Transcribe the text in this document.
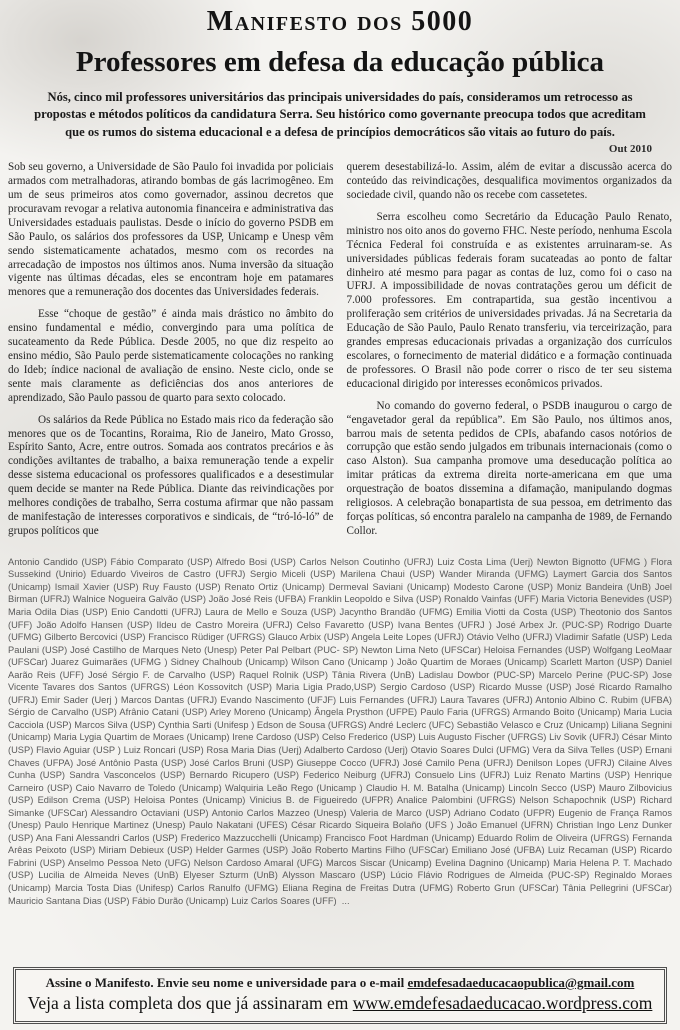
Manifesto dos 5000
Professores em defesa da educação pública
Nós, cinco mil professores universitários das principais universidades do país, consideramos um retrocesso as propostas e métodos políticos da candidatura Serra. Seu histórico como governante preocupa todos que acreditam que os rumos do sistema educacional e a defesa de princípios democráticos são vitais ao futuro do país.
Out 2010

Sob seu governo, a Universidade de São Paulo foi invadida por policiais armados com metralhadoras, atirando bombas de gás lacrimogêneo. Em um de seus primeiros atos como governador, assinou decretos que procuravam revogar a relativa autonomia financeira e administrativa das Universidades estaduais paulistas. Desde o início do governo PSDB em São Paulo, os salários dos professores da USP, Unicamp e Unesp vêm sendo sistematicamente achatados, mesmo com os recordes na arrecadação de impostos nos últimos anos. Numa inversão da situação vigente nas últimas décadas, eles se encontram hoje em patamares menores que a remuneração dos docentes das Universidades federais.

Esse “choque de gestão” é ainda mais drástico no âmbito do ensino fundamental e médio, convergindo para uma política de sucateamento da Rede Pública. Desde 2005, no que diz respeito ao ensino médio, São Paulo perde sistematicamente colocações no ranking do Ideb; índice nacional de avaliação de ensino. Neste ciclo, onde se sente mais claramente as deficiências dos anos anteriores de aprendizado, São Paulo passou de quarto para sexto colocado.

Os salários da Rede Pública no Estado mais rico da federação são menores que os de Tocantins, Roraima, Rio de Janeiro, Mato Grosso, Espírito Santo, Acre, entre outros. Somada aos contratos precários e às condições aviltantes de trabalho, a baixa remuneração tende a expelir desse sistema educacional os professores qualificados e a desestimular quem decide se manter na Rede Pública. Diante das reivindicações por melhores condições de trabalho, Serra costuma afirmar que não passam de manifestação de interesses corporativos e sindicais, de “tró-ló-ló” de grupos políticos que

querem desestabilizá-lo. Assim, além de evitar a discussão acerca do conteúdo das reivindicações, desqualifica movimentos organizados da sociedade civil, quando não os recebe com cassetetes.

Serra escolheu como Secretário da Educação Paulo Renato, ministro nos oito anos do governo FHC. Neste período, nenhuma Escola Técnica Federal foi construída e as existentes arruinaram-se. As universidades públicas federais foram sucateadas ao ponto de faltar dinheiro até mesmo para pagar as contas de luz, como foi o caso na UFRJ. A impossibilidade de novas contratações gerou um déficit de 7.000 professores. Em contrapartida, sua gestão incentivou a proliferação sem critérios de universidades privadas. Já na Secretaria da Educação de São Paulo, Paulo Renato transferiu, via terceirização, para grandes empresas educacionais privadas a organização dos currículos escolares, o fornecimento de material didático e a formação continuada de professores. O Brasil não pode correr o risco de ter seu sistema educacional dirigido por interesses econômicos privados.

No comando do governo federal, o PSDB inaugurou o cargo de “engavetador geral da república”. Em São Paulo, nos últimos anos, barrou mais de setenta pedidos de CPIs, abafando casos notórios de corrupção que estão sendo julgados em tribunais internacionais (como o caso Alston). Sua campanha promove uma deseducação política ao imitar práticas da extrema direita norte-americana em que uma orquestração de boatos dissemina a difamação, manipulando dogmas religiosos. A celebração bonapartista de sua pessoa, em detrimento das forças políticas, só encontra paralelo na campanha de 1989, de Fernando Collor.

Antonio Candido (USP) Fábio Comparato (USP) Alfredo Bosi (USP) Carlos Nelson Coutinho (UFRJ) Luiz Costa Lima (Uerj) Newton Bignotto (UFMG ) Flora Sussekind (Unirio) Eduardo Viveiros de Castro (UFRJ) Sergio Miceli (USP) Marilena Chaui (USP) Wander Miranda (UFMG) Laymert Garcia dos Santos (Unicamp) Ismail Xavier (USP) Ruy Fausto (USP) Renato Ortiz (Unicamp) Dermeval Saviani (Unicamp) Modesto Carone (USP) Moniz Bandeira (UnB) Joel Birman (UFRJ) Walnice Nogueira Galvão (USP) João José Reis (UFBA) Franklin Leopoldo e Silva (USP) Ronaldo Vainfas (UFF) Maria Victoria Benevides (USP) Maria Odila Dias (USP) Enio Candotti (UFRJ) Laura de Mello e Souza (USP) Jacyntho Brandão (UFMG) Emilia Viotti da Costa (USP) Theotonio dos Santos (UFF) João Adolfo Hansen (USP) Ildeu de Castro Moreira (UFRJ) Celso Favaretto (USP) Ivana Bentes (UFRJ ) José Arbex Jr. (PUC-SP) Rodrigo Duarte (UFMG) Gilberto Bercovici (USP) Francisco Rüdiger (UFRGS) Glauco Arbix (USP) Angela Leite Lopes (UFRJ) Otávio Velho (UFRJ) Vladimir Safatle (USP) Leda Paulani (USP) José Castilho de Marques Neto (Unesp) Peter Pal Pelbart (PUC- SP) Newton Lima Neto (UFSCar) Heloisa Fernandes (USP) Wolfgang LeoMaar (UFSCar) Juarez Guimarães (UFMG ) Sidney Chalhoub (Unicamp) Wilson Cano (Unicamp ) João Quartim de Moraes (Unicamp) Scarlett Marton (USP) Daniel Aarão Reis (UFF) José Sérgio F. de Carvalho (USP) Raquel Rolnik (USP) Tânia Rivera (UnB) Ladislau Dowbor (PUC-SP) Marcelo Perine (PUC-SP) Jose Vicente Tavares dos Santos (UFRGS) Léon Kossovitch (USP) Maria Ligia Prado,USP) Sergio Cardoso (USP) Ricardo Musse (USP) José Ricardo Ramalho (UFRJ) Emir Sader (Uerj ) Marcos Dantas (UFRJ) Evando Nascimento (UFJF) Luis Fernandes (UFRJ) Laura Tavares (UFRJ) Antonio Albino C. Rubim (UFBA) Sérgio de Carvalho (USP) Afrânio Catani (USP) Arley Moreno (Unicamp) Ângela Prysthon (UFPE) Paulo Faria (UFRGS) Armando Boito (Unicamp) Maria Lucia Cacciola (USP) Marcos Silva (USP) Cynthia Sarti (Unifesp ) Edson de Sousa (UFRGS) André Leclerc (UFC) Sebastião Velasco e Cruz (Unicamp) Liliana Segnini (Unicamp) Maria Lygia Quartim de Moraes (Unicamp) Irene Cardoso (USP) Celso Frederico (USP) Luis Augusto Fischer (UFRGS) Liv Sovik (UFRJ) César Minto (USP) Flavio Aguiar (USP ) Luiz Roncari (USP) Rosa Maria Dias (Uerj) Adalberto Cardoso (Uerj) Otavio Soares Dulci (UFMG) Vera da Silva Telles (USP) Ernani Chaves (UFPA) José Antônio Pasta (USP) José Carlos Bruni (USP) Giuseppe Cocco (UFRJ) José Camilo Pena (UFRJ) Denilson Lopes (UFRJ) Cilaine Alves Cunha (USP) Sandra Vasconcelos (USP) Bernardo Ricupero (USP) Federico Neiburg (UFRJ) Consuelo Lins (UFRJ) Luiz Renato Martins (USP) Henrique Carneiro (USP) Caio Navarro de Toledo (Unicamp) Walquiria Leão Rego (Unicamp ) Claudio H. M. Batalha (Unicamp) Lincoln Secco (USP) Mauro Zilbovicius (USP) Edilson Crema (USP) Heloisa Pontes (Unicamp) Vinicius B. de Figueiredo (UFPR) Analice Palombini (UFRGS) Nelson Schapochnik (USP) Richard Simanke (UFSCar) Alessandro Octaviani (USP) Antonio Carlos Mazzeo (Unesp) Valeria de Marco (USP) Adriano Codato (UFPR) Eugenio de França Ramos (Unesp) Paulo Henrique Martinez (Unesp) Paulo Nakatani (UFES) César Ricardo Siqueira Bolaño (UFS ) João Emanuel (UFRN) Christian Ingo Lenz Dunker (USP) Ana Fani Alessandri Carlos (USP) Frederico Mazzucchelli (Unicamp) Francisco Foot Hardman (Unicamp) Eduardo Rolim de Oliveira (UFRGS) Fernanda Arêas Peixoto (USP) Miriam Debieux (USP) Helder Garmes (USP) João Roberto Martins Filho (UFSCar) Emiliano José (UFBA) Luiz Recaman (USP) Ricardo Fabrini (USP) Anselmo Pessoa Neto (UFG) Nelson Cardoso Amaral (UFG) Marcos Siscar (Unicamp) Evelina Dagnino (Unicamp) Maria Helena P. T. Machado (USP) Lucilia de Almeida Neves (UnB) Elyeser Szturm (UnB) Alysson Mascaro (USP) Lúcio Flávio Rodrigues de Almeida (PUC-SP) Reginaldo Moraes (Unicamp) Marcia Tosta Dias (Unifesp) Carlos Ranulfo (UFMG) Eliana Regina de Freitas Dutra (UFMG) Roberto Grun (UFSCar) Tânia Pellegrini (UFSCar) Mauricio Santana Dias (USP) Fábio Durão (Unicamp) Luiz Carlos Soares (UFF) ...
Assine o Manifesto. Envie seu nome e universidade para o e-mail emdefesadaeducacaopublica@gmail.com
Veja a lista completa dos que já assinaram em www.emdefesadaeducacao.wordpress.com
